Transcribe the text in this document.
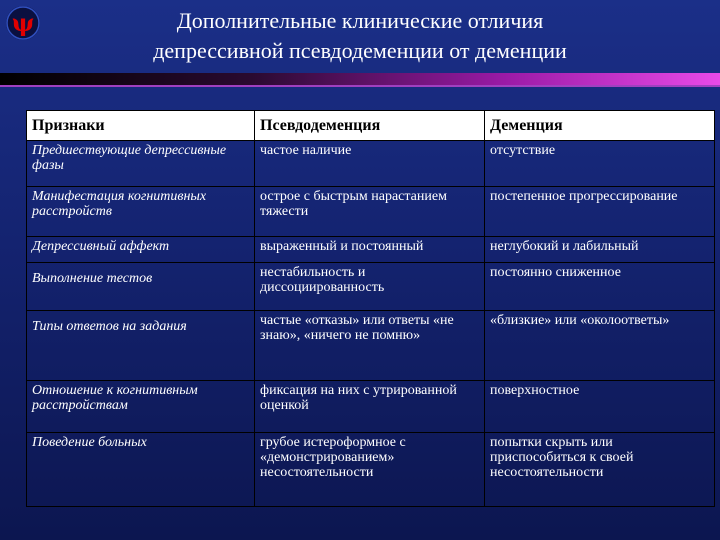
ψ	Дополнительные клинические отличия
депрессивной псевдодеменции от деменции
Признаки	Псевдодеменция	Деменция
Предшествующие депрессивные фазы	частое наличие	отсутствие
Манифестация когнитивных расстройств	острое с быстрым нарастанием тяжести	постепенное прогрессирование
Депрессивный аффект	выраженный и постоянный	неглубокий и лабильный
Выполнение тестов	нестабильность и диссоциированность	постоянно сниженное
Типы ответов на задания	частые «отказы» или ответы «не знаю», «ничего не помню»	«близкие» или «околоответы»
Отношение к когнитивным расстройствам	фиксация на них с утрированной оценкой	поверхностное
Поведение больных	грубое истероформное с «демонстрированием» несостоятельности	попытки скрыть или приспособиться к своей несостоятельности
